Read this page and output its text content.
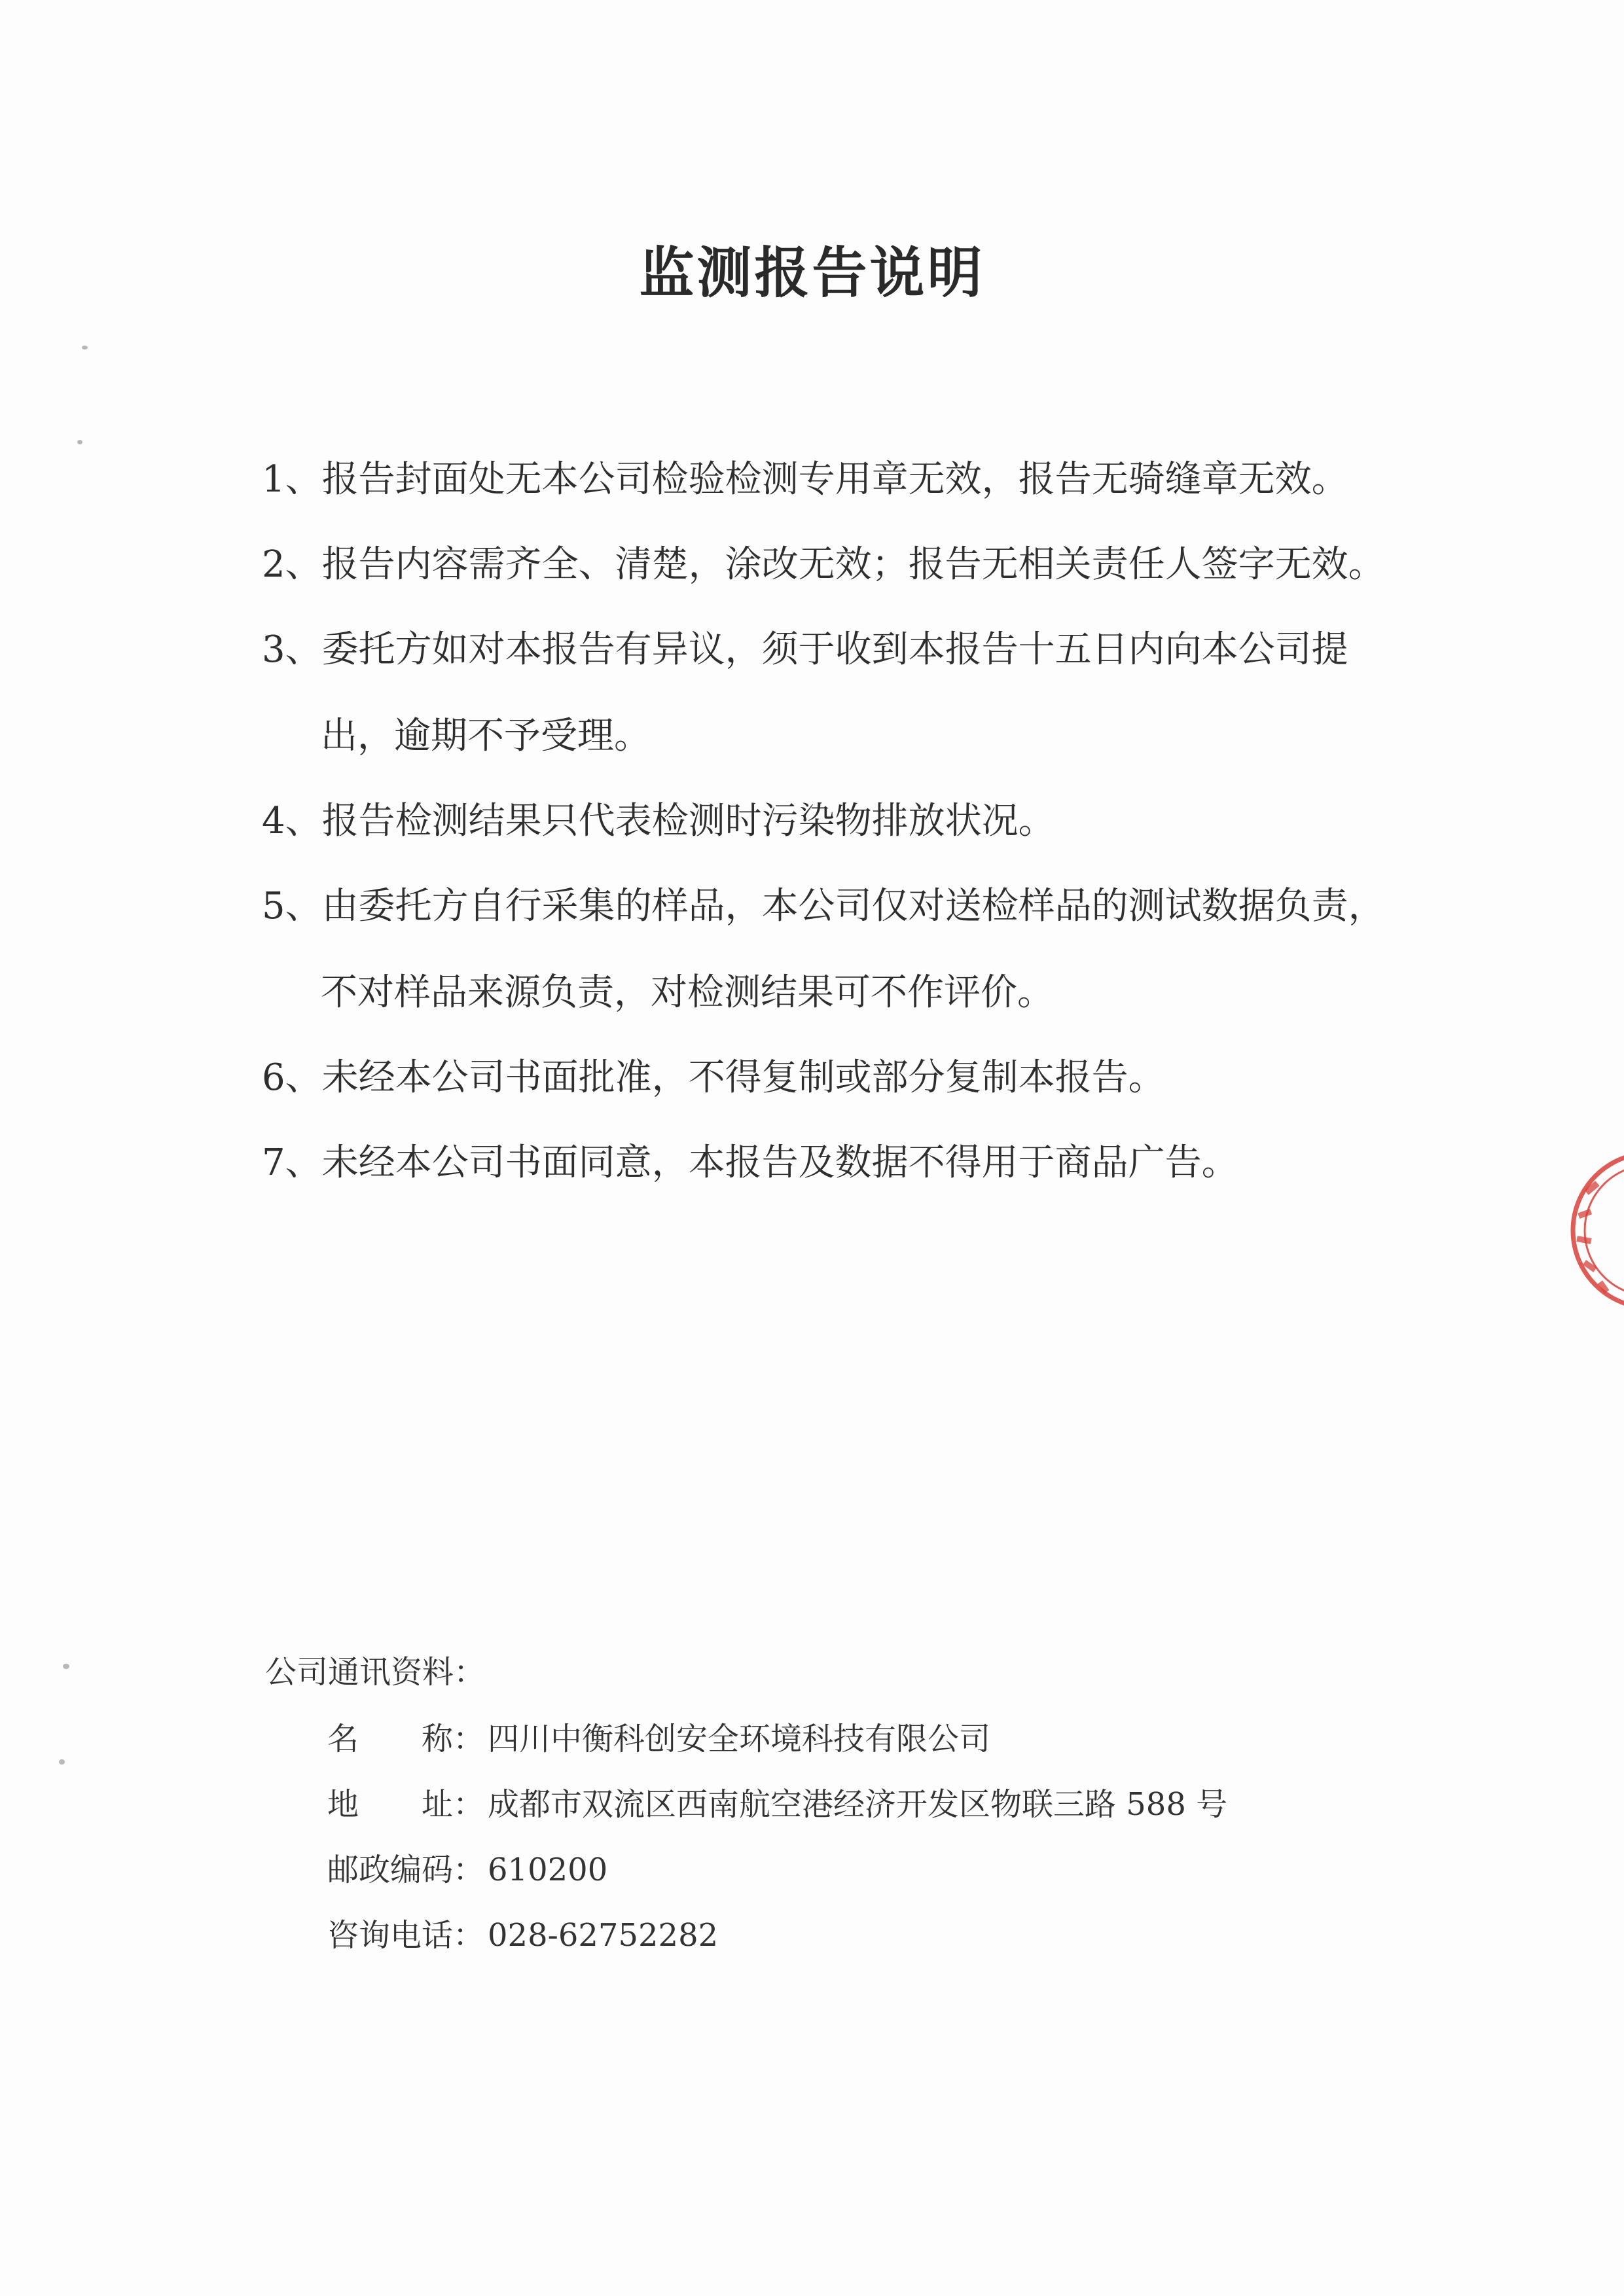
监测报告说明

1、报告封面处无本公司检验检测专用章无效，报告无骑缝章无效。

2、报告内容需齐全、清楚，涂改无效；报告无相关责任人签字无效。

3、委托方如对本报告有异议，须于收到本报告十五日内向本公司提
出，逾期不予受理。

4、报告检测结果只代表检测时污染物排放状况。

5、由委托方自行采集的样品，本公司仅对送检样品的测试数据负责，
不对样品来源负责，对检测结果可不作评价。

6、未经本公司书面批准，不得复制或部分复制本报告。

7、未经本公司书面同意，本报告及数据不得用于商品广告。

公司通讯资料：
名　　称： 四川中衡科创安全环境科技有限公司
地　　址： 成都市双流区西南航空港经济开发区物联三路 588 号
邮政编码： 610200
咨询电话： 028-62752282
